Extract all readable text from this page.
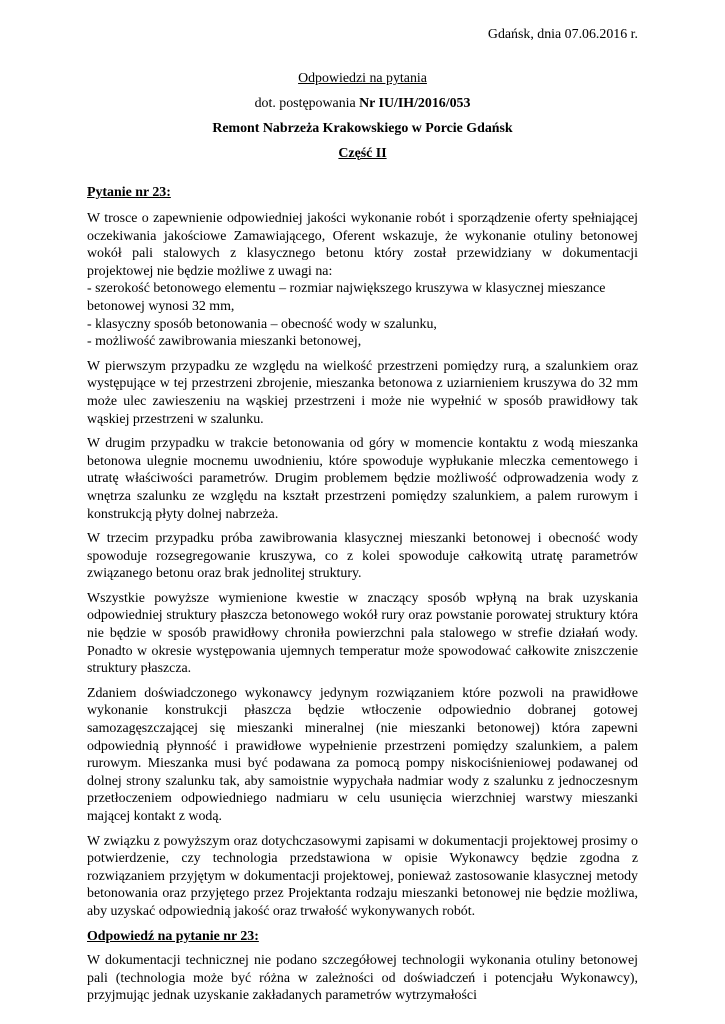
Gdańsk, dnia 07.06.2016 r.
Odpowiedzi na pytania
dot. postępowania Nr IU/IH/2016/053
Remont Nabrzeża Krakowskiego w Porcie Gdańsk
Część II
Pytanie nr 23:

W trosce o zapewnienie odpowiedniej jakości wykonanie robót i sporządzenie oferty spełniającej oczekiwania jakościowe Zamawiającego, Oferent wskazuje, że wykonanie otuliny betonowej wokół pali stalowych z klasycznego betonu który został przewidziany w dokumentacji projektowej nie będzie możliwe z uwagi na:

- szerokość betonowego elementu – rozmiar największego kruszywa w klasycznej mieszance betonowej wynosi 32 mm,
- klasyczny sposób betonowania – obecność wody w szalunku,
- możliwość zawibrowania mieszanki betonowej,

W pierwszym przypadku ze względu na wielkość przestrzeni pomiędzy rurą, a szalunkiem oraz występujące w tej przestrzeni zbrojenie, mieszanka betonowa z uziarnieniem kruszywa do 32 mm może ulec zawieszeniu na wąskiej przestrzeni i może nie wypełnić w sposób prawidłowy tak wąskiej przestrzeni w szalunku.

W drugim przypadku w trakcie betonowania od góry w momencie kontaktu z wodą mieszanka betonowa ulegnie mocnemu uwodnieniu, które spowoduje wypłukanie mleczka cementowego i utratę właściwości parametrów. Drugim problemem będzie możliwość odprowadzenia wody z wnętrza szalunku ze względu na kształt przestrzeni pomiędzy szalunkiem, a palem rurowym i konstrukcją płyty dolnej nabrzeża.

W trzecim przypadku próba zawibrowania klasycznej mieszanki betonowej i obecność wody spowoduje rozsegregowanie kruszywa, co z kolei spowoduje całkowitą utratę parametrów związanego betonu oraz brak jednolitej struktury.

Wszystkie powyższe wymienione kwestie w znaczący sposób wpłyną na brak uzyskania odpowiedniej struktury płaszcza betonowego wokół rury oraz powstanie porowatej struktury która nie będzie w sposób prawidłowy chroniła powierzchni pala stalowego w strefie działań wody. Ponadto w okresie występowania ujemnych temperatur może spowodować całkowite zniszczenie struktury płaszcza.

Zdaniem doświadczonego wykonawcy jedynym rozwiązaniem które pozwoli na prawidłowe wykonanie konstrukcji płaszcza będzie wtłoczenie odpowiednio dobranej gotowej samozagęszczającej się mieszanki mineralnej (nie mieszanki betonowej) która zapewni odpowiednią płynność i prawidłowe wypełnienie przestrzeni pomiędzy szalunkiem, a palem rurowym. Mieszanka musi być podawana za pomocą pompy niskociśnieniowej podawanej od dolnej strony szalunku tak, aby samoistnie wypychała nadmiar wody z szalunku z jednoczesnym przetłoczeniem odpowiedniego nadmiaru w celu usunięcia wierzchniej warstwy mieszanki mającej kontakt z wodą.

W związku z powyższym oraz dotychczasowymi zapisami w dokumentacji projektowej prosimy o potwierdzenie, czy technologia przedstawiona w opisie Wykonawcy będzie zgodna z rozwiązaniem przyjętym w dokumentacji projektowej, ponieważ zastosowanie klasycznej metody betonowania oraz przyjętego przez Projektanta rodzaju mieszanki betonowej nie będzie możliwa, aby uzyskać odpowiednią jakość oraz trwałość wykonywanych robót.

Odpowiedź na pytanie nr 23:

W dokumentacji technicznej nie podano szczegółowej technologii wykonania otuliny betonowej pali (technologia może być różna w zależności od doświadczeń i potencjału Wykonawcy), przyjmując jednak uzyskanie zakładanych parametrów wytrzymałości
